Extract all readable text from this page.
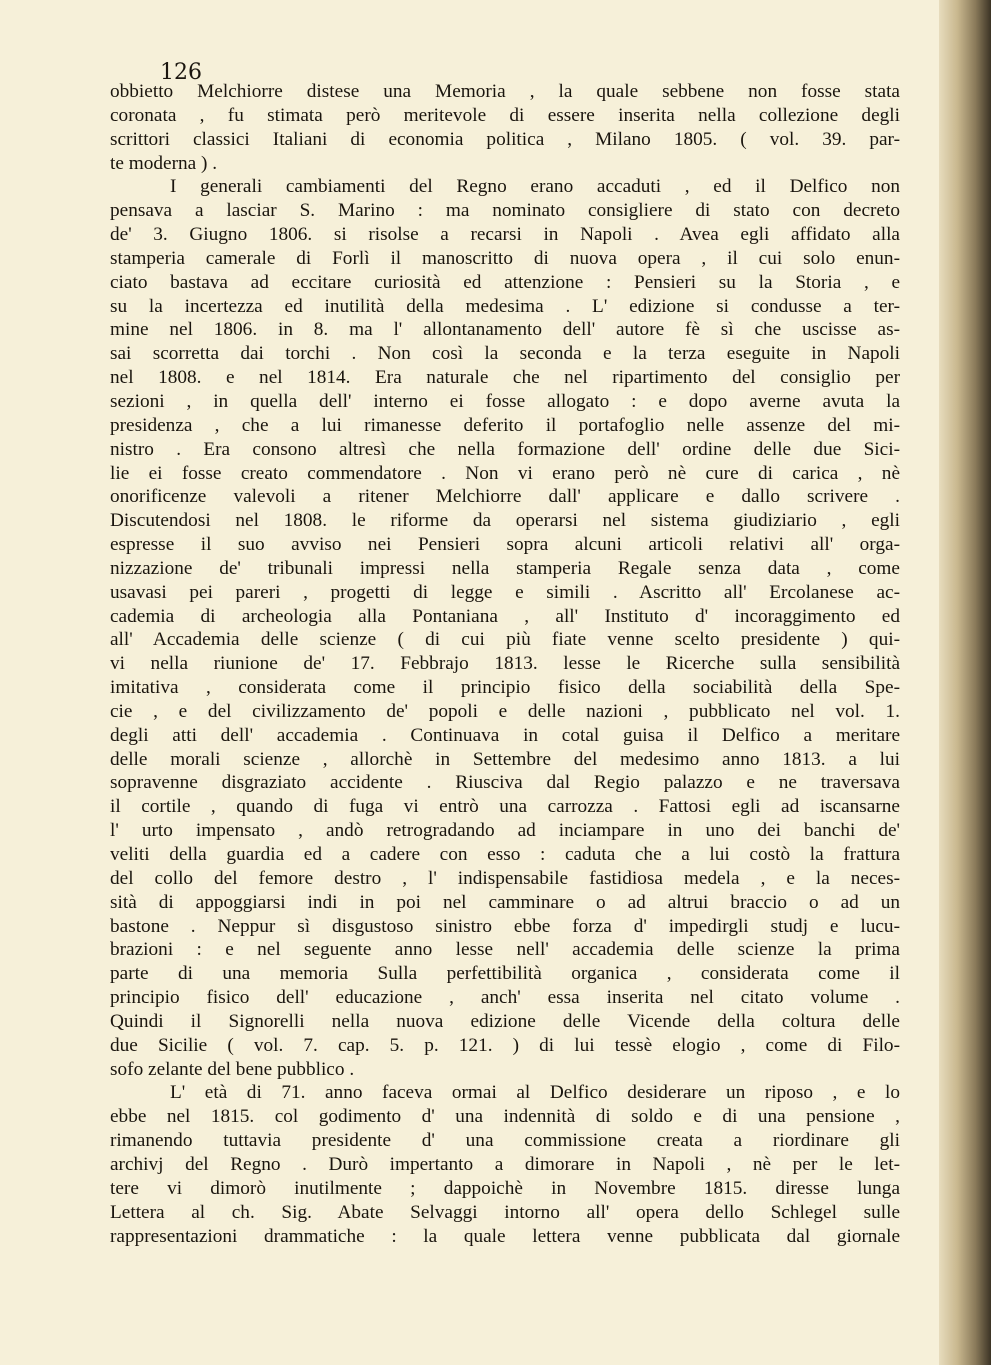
126
obbietto Melchiorre distese una Memoria , la quale sebbene non fosse stata
coronata , fu stimata però meritevole di essere inserita nella collezione degli
scrittori classici Italiani di economia politica , Milano 1805. ( vol. 39. par-
te moderna ) .
I generali cambiamenti del Regno erano accaduti , ed il Delfico non
pensava a lasciar S. Marino : ma nominato consigliere di stato con decreto
de' 3. Giugno 1806. si risolse a recarsi in Napoli . Avea egli affidato alla
stamperia camerale di Forlì il manoscritto di nuova opera , il cui solo enun-
ciato bastava ad eccitare curiosità ed attenzione : Pensieri su la Storia , e
su la incertezza ed inutilità della medesima . L' edizione si condusse a ter-
mine nel 1806. in 8. ma l' allontanamento dell' autore fè sì che uscisse as-
sai scorretta dai torchi . Non così la seconda e la terza eseguite in Napoli
nel 1808. e nel 1814. Era naturale che nel ripartimento del consiglio per
sezioni , in quella dell' interno ei fosse allogato : e dopo averne avuta la
presidenza , che a lui rimanesse deferito il portafoglio nelle assenze del mi-
nistro . Era consono altresì che nella formazione dell' ordine delle due Sici-
lie ei fosse creato commendatore . Non vi erano però nè cure di carica , nè
onorificenze valevoli a ritener Melchiorre dall' applicare e dallo scrivere .
Discutendosi nel 1808. le riforme da operarsi nel sistema giudiziario , egli
espresse il suo avviso nei Pensieri sopra alcuni articoli relativi all' orga-
nizzazione de' tribunali impressi nella stamperia Regale senza data , come
usavasi pei pareri , progetti di legge e simili . Ascritto all' Ercolanese ac-
cademia di archeologia alla Pontaniana , all' Instituto d' incoraggimento ed
all' Accademia delle scienze ( di cui più fiate venne scelto presidente ) qui-
vi nella riunione de' 17. Febbrajo 1813. lesse le Ricerche sulla sensibilità
imitativa , considerata come il principio fisico della sociabilità della Spe-
cie , e del civilizzamento de' popoli e delle nazioni , pubblicato nel vol. 1.
degli atti dell' accademia . Continuava in cotal guisa il Delfico a meritare
delle morali scienze , allorchè in Settembre del medesimo anno 1813. a lui
sopravenne disgraziato accidente . Riusciva dal Regio palazzo e ne traversava
il cortile , quando di fuga vi entrò una carrozza . Fattosi egli ad iscansarne
l' urto impensato , andò retrogradando ad inciampare in uno dei banchi de'
veliti della guardia ed a cadere con esso : caduta che a lui costò la frattura
del collo del femore destro , l' indispensabile fastidiosa medela , e la neces-
sità di appoggiarsi indi in poi nel camminare o ad altrui braccio o ad un
bastone . Neppur sì disgustoso sinistro ebbe forza d' impedirgli studj e lucu-
brazioni : e nel seguente anno lesse nell' accademia delle scienze la prima
parte di una memoria Sulla perfettibilità organica , considerata come il
principio fisico dell' educazione , anch' essa inserita nel citato volume .
Quindi il Signorelli nella nuova edizione delle Vicende della coltura delle
due Sicilie ( vol. 7. cap. 5. p. 121. ) di lui tessè elogio , come di Filo-
sofo zelante del bene pubblico .
L' età di 71. anno faceva ormai al Delfico desiderare un riposo , e lo
ebbe nel 1815. col godimento d' una indennità di soldo e di una pensione ,
rimanendo tuttavia presidente d' una commissione creata a riordinare gli
archivj del Regno . Durò impertanto a dimorare in Napoli , nè per le let-
tere vi dimorò inutilmente ; dappoichè in Novembre 1815. diresse lunga
Lettera al ch. Sig. Abate Selvaggi intorno all' opera dello Schlegel sulle
rappresentazioni drammatiche : la quale lettera venne pubblicata dal giornale
